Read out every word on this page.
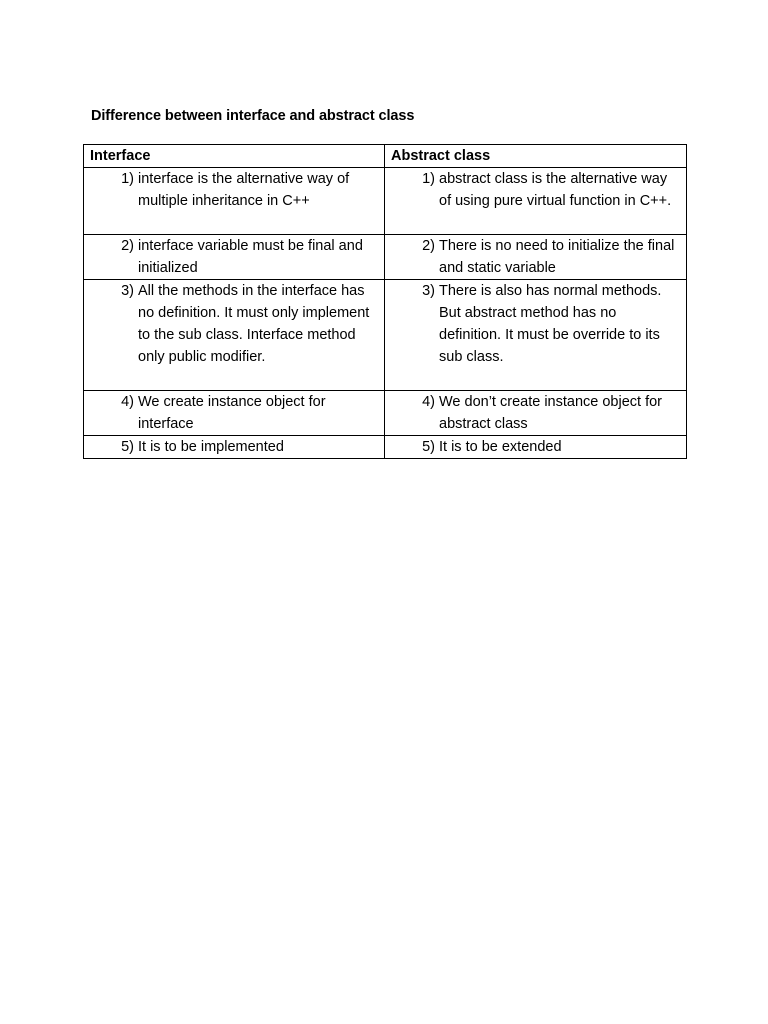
Difference between interface and abstract class
Interface	Abstract class

1) interface is the alternative way of multiple inheritance in C++	1) abstract class is the alternative way of using pure virtual function in C++.

2) interface variable must be final and initialized	2) There is no need to initialize the final and static variable

3) All the methods in the interface has no definition. It must only implement to the sub class. Interface method only public modifier.	3) There is also has normal methods. But abstract method has no definition. It must be override to its sub class.

4) We create instance object for interface	4) We don’t create instance object for abstract class

5) It is to be implemented	5) It is to be extended
